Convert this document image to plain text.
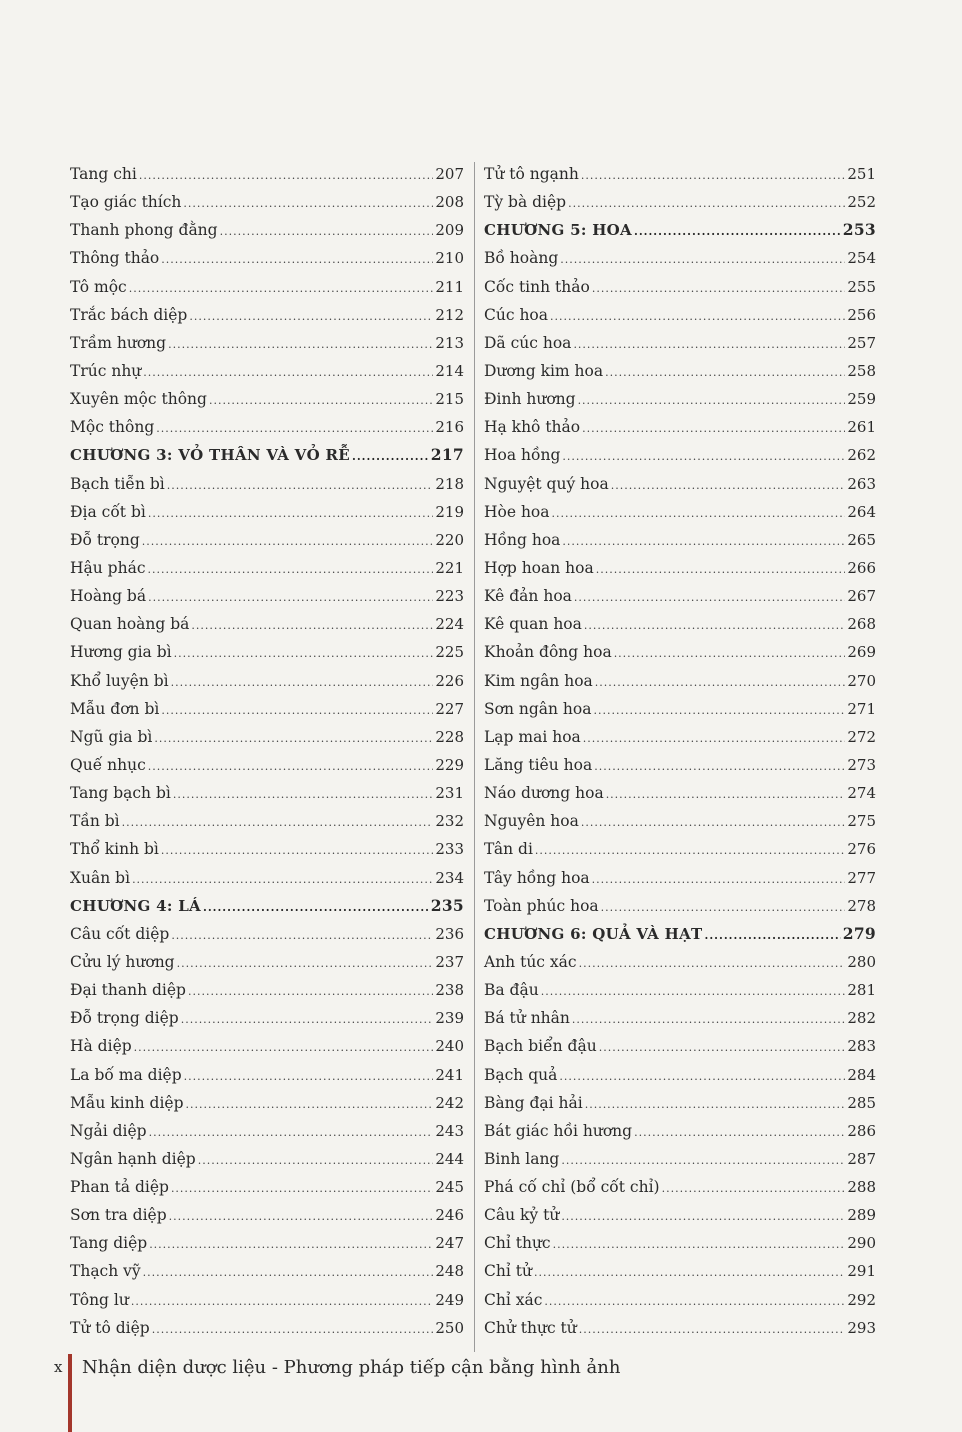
Tang chi .....	207
Tạo giác thích .....	208
Thanh phong đằng .....	209
Thông thảo .....	210
Tô mộc .....	211
Trắc bách diệp .....	212
Trầm hương .....	213
Trúc nhự .....	214
Xuyên mộc thông .....	215
Mộc thông .....	216
CHƯƠNG 3: VỎ THÂN VÀ VỎ RỄ .....	217
Bạch tiễn bì .....	218
Địa cốt bì .....	219
Đỗ trọng .....	220
Hậu phác .....	221
Hoàng bá .....	223
Quan hoàng bá .....	224
Hương gia bì .....	225
Khổ luyện bì .....	226
Mẫu đơn bì .....	227
Ngũ gia bì .....	228
Quế nhục .....	229
Tang bạch bì .....	231
Tần bì .....	232
Thổ kinh bì .....	233
Xuân bì .....	234
CHƯƠNG 4: LÁ .....	235
Câu cốt diệp .....	236
Cửu lý hương .....	237
Đại thanh diệp .....	238
Đỗ trọng diệp .....	239
Hà diệp .....	240
La bố ma diệp .....	241
Mẫu kinh diệp .....	242
Ngải diệp .....	243
Ngân hạnh diệp .....	244
Phan tả diệp .....	245
Sơn tra diệp .....	246
Tang diệp .....	247
Thạch vỹ .....	248
Tông lư .....	249
Tử tô diệp .....	250
Tử tô ngạnh .....	251
Tỳ bà diệp .....	252
CHƯƠNG 5: HOA .....	253
Bồ hoàng .....	254
Cốc tinh thảo .....	255
Cúc hoa .....	256
Dã cúc hoa .....	257
Dương kim hoa .....	258
Đinh hương .....	259
Hạ khô thảo .....	261
Hoa hồng .....	262
Nguyệt quý hoa .....	263
Hòe hoa .....	264
Hồng hoa .....	265
Hợp hoan hoa .....	266
Kê đản hoa .....	267
Kê quan hoa .....	268
Khoản đông hoa .....	269
Kim ngân hoa .....	270
Sơn ngân hoa .....	271
Lạp mai hoa .....	272
Lăng tiêu hoa .....	273
Náo dương hoa .....	274
Nguyên hoa .....	275
Tân di .....	276
Tây hồng hoa .....	277
Toàn phúc hoa .....	278
CHƯƠNG 6: QUẢ VÀ HẠT .....	279
Anh túc xác .....	280
Ba đậu .....	281
Bá tử nhân .....	282
Bạch biển đậu .....	283
Bạch quả .....	284
Bàng đại hải .....	285
Bát giác hồi hương .....	286
Binh lang .....	287
Phá cố chỉ (bổ cốt chỉ) .....	288
Câu kỷ tử .....	289
Chỉ thực .....	290
Chỉ tử .....	291
Chỉ xác .....	292
Chử thực tử .....	293
x	Nhận diện dược liệu - Phương pháp tiếp cận bằng hình ảnh
